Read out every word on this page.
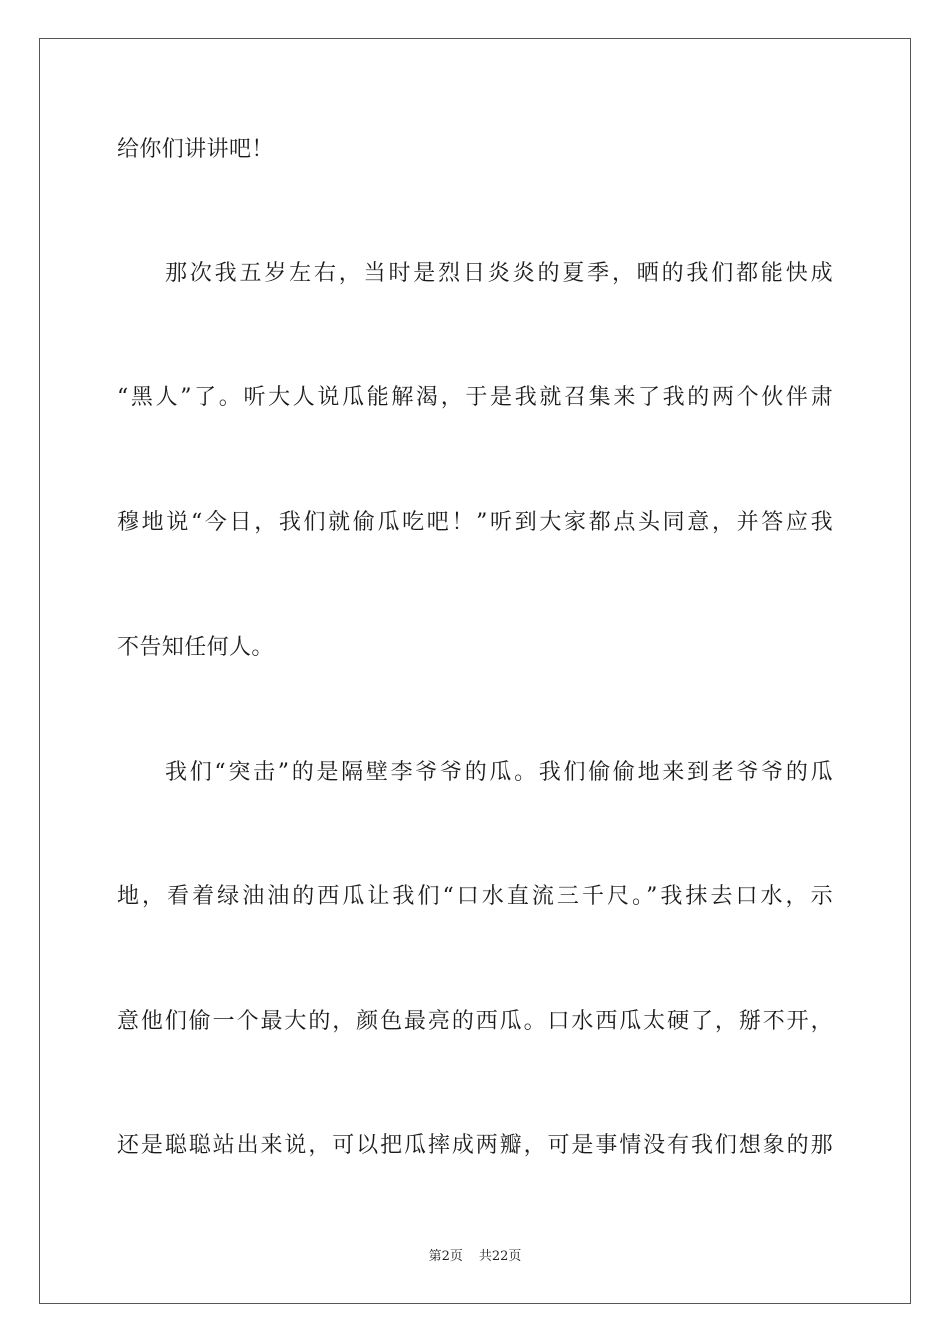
给你们讲讲吧！
那次我五岁左右，当时是烈日炎炎的夏季，晒的我们都能快成
“黑人”了。听大人说瓜能解渴，于是我就召集来了我的两个伙伴肃
穆地说“今日，我们就偷瓜吃吧！”听到大家都点头同意，并答应我
不告知任何人。
我们“突击”的是隔壁李爷爷的瓜。我们偷偷地来到老爷爷的瓜
地，看着绿油油的西瓜让我们“口水直流三千尺。”我抹去口水，示
意他们偷一个最大的，颜色最亮的西瓜。口水西瓜太硬了，掰不开，
还是聪聪站出来说，可以把瓜摔成两瓣，可是事情没有我们想象的那
第2页 共22页
